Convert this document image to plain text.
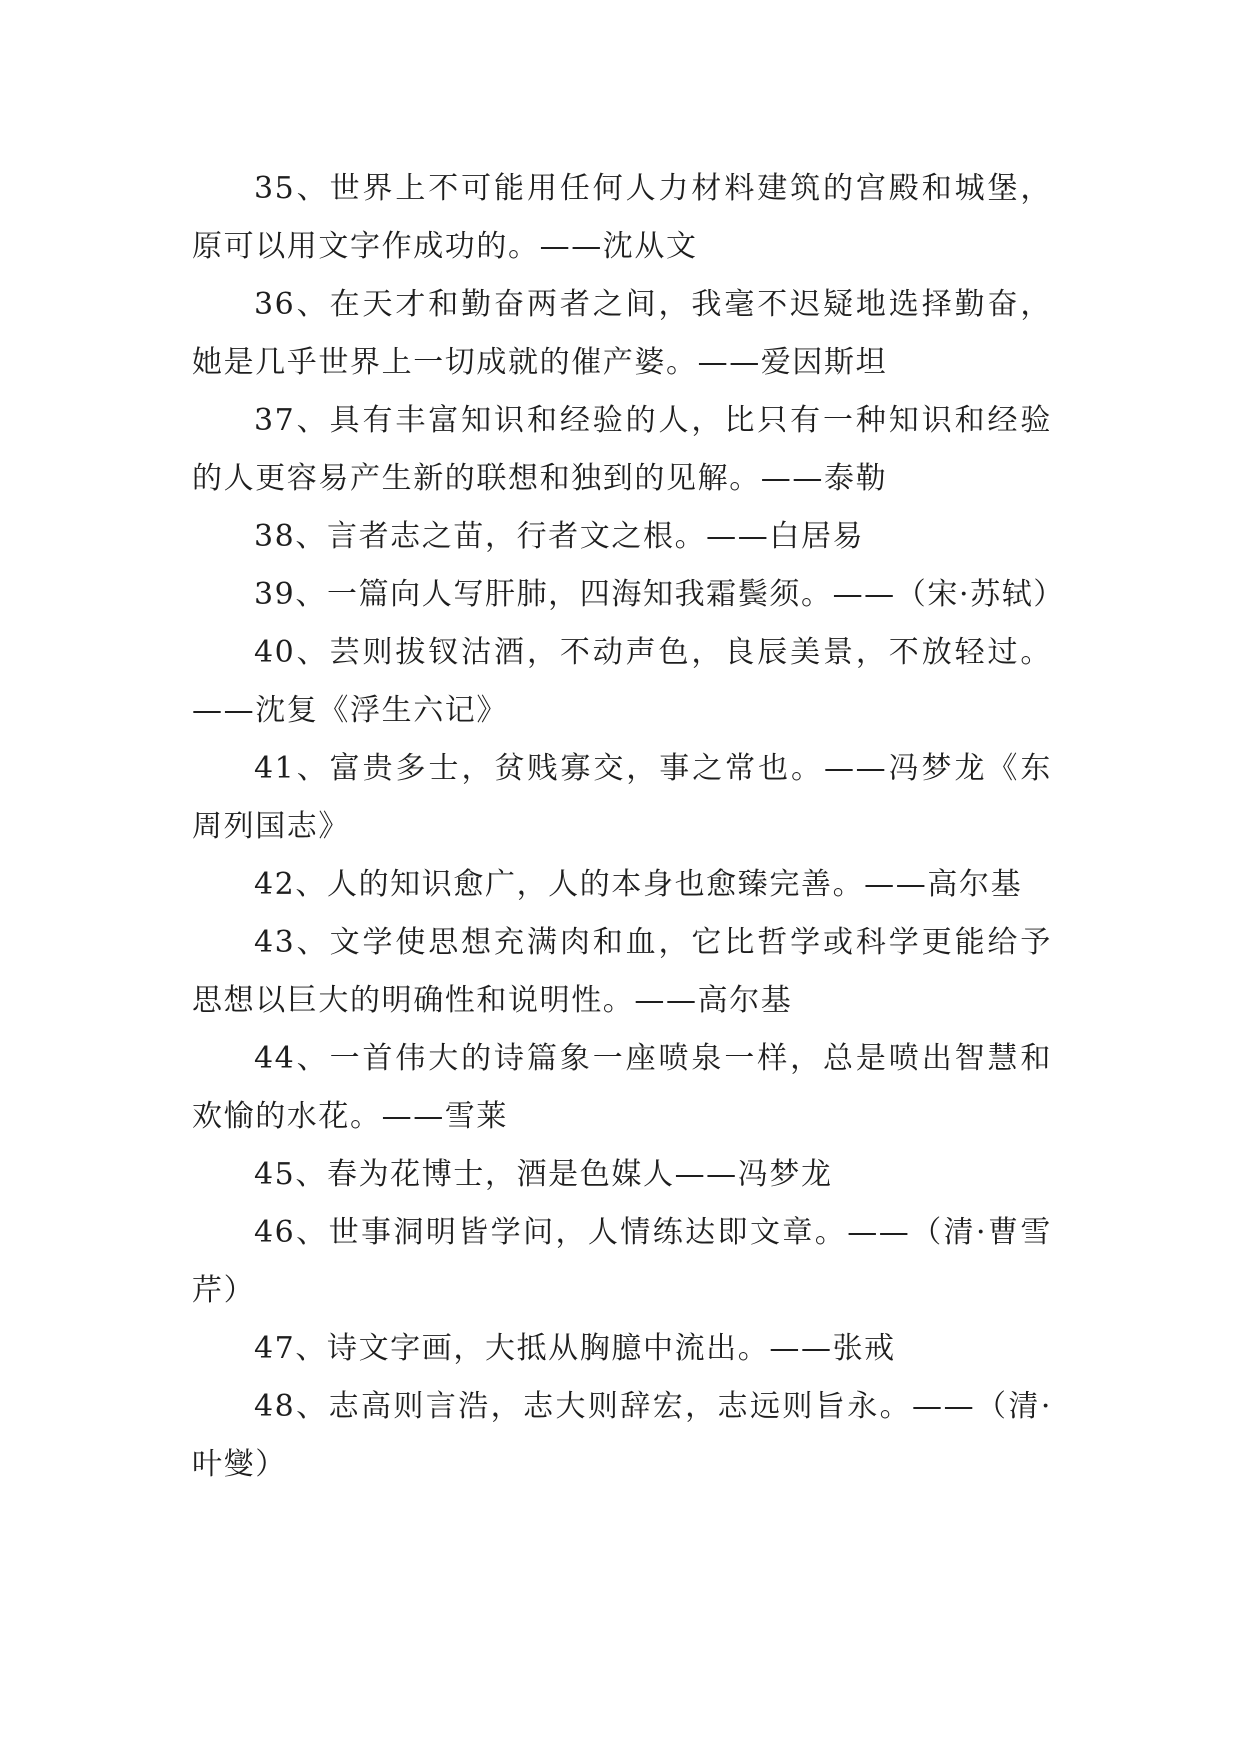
35、世界上不可能用任何人力材料建筑的宫殿和城堡，原可以用文字作成功的。——沈从文

36、在天才和勤奋两者之间，我毫不迟疑地选择勤奋，她是几乎世界上一切成就的催产婆。——爱因斯坦

37、具有丰富知识和经验的人，比只有一种知识和经验的人更容易产生新的联想和独到的见解。——泰勒

38、言者志之苗，行者文之根。——白居易

39、一篇向人写肝肺，四海知我霜鬓须。——（宋·苏轼）

40、芸则拔钗沽酒，不动声色，良辰美景，不放轻过。——沈复《浮生六记》

41、富贵多士，贫贱寡交，事之常也。——冯梦龙《东周列国志》

42、人的知识愈广，人的本身也愈臻完善。——高尔基

43、文学使思想充满肉和血，它比哲学或科学更能给予思想以巨大的明确性和说明性。——高尔基

44、一首伟大的诗篇象一座喷泉一样，总是喷出智慧和欢愉的水花。——雪莱

45、春为花博士，酒是色媒人——冯梦龙

46、世事洞明皆学问，人情练达即文章。——（清·曹雪芹）

47、诗文字画，大抵从胸臆中流出。——张戒

48、志高则言浩，志大则辞宏，志远则旨永。——（清·叶燮）
